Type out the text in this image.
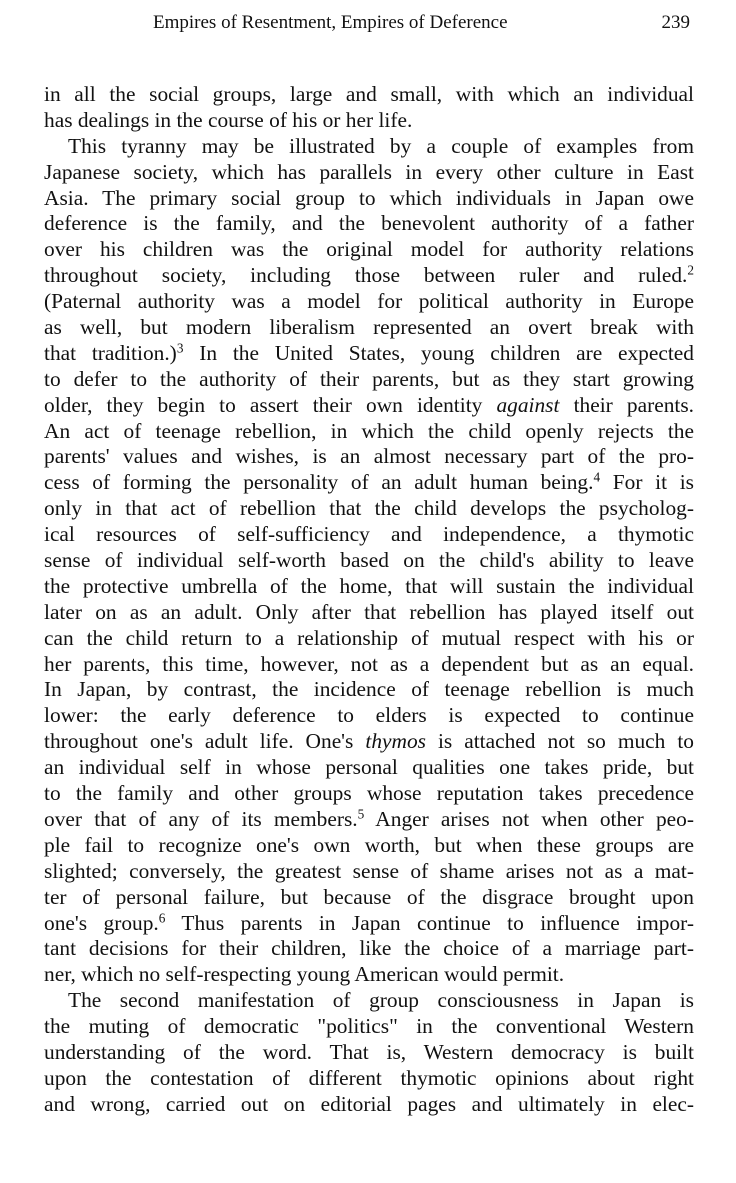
Empires of Resentment, Empires of Deference	239
in all the social groups, large and small, with which an individual
has dealings in the course of his or her life.
This tyranny may be illustrated by a couple of examples from
Japanese society, which has parallels in every other culture in East
Asia. The primary social group to which individuals in Japan owe
deference is the family, and the benevolent authority of a father
over his children was the original model for authority relations
throughout society, including those between ruler and ruled.$^2$
(Paternal authority was a model for political authority in Europe
as well, but modern liberalism represented an overt break with
that tradition.)$^3$ In the United States, young children are expected
to defer to the authority of their parents, but as they start growing
older, they begin to assert their own identity against their parents.
An act of teenage rebellion, in which the child openly rejects the
parents' values and wishes, is an almost necessary part of the pro-
cess of forming the personality of an adult human being.$^4$ For it is
only in that act of rebellion that the child develops the psycholog-
ical resources of self-sufficiency and independence, a thymotic
sense of individual self-worth based on the child's ability to leave
the protective umbrella of the home, that will sustain the individual
later on as an adult. Only after that rebellion has played itself out
can the child return to a relationship of mutual respect with his or
her parents, this time, however, not as a dependent but as an equal.
In Japan, by contrast, the incidence of teenage rebellion is much
lower: the early deference to elders is expected to continue
throughout one's adult life. One's thymos is attached not so much to
an individual self in whose personal qualities one takes pride, but
to the family and other groups whose reputation takes precedence
over that of any of its members.$^5$ Anger arises not when other peo-
ple fail to recognize one's own worth, but when these groups are
slighted; conversely, the greatest sense of shame arises not as a mat-
ter of personal failure, but because of the disgrace brought upon
one's group.$^6$ Thus parents in Japan continue to influence impor-
tant decisions for their children, like the choice of a marriage part-
ner, which no self-respecting young American would permit.
The second manifestation of group consciousness in Japan is
the muting of democratic "politics" in the conventional Western
understanding of the word. That is, Western democracy is built
upon the contestation of different thymotic opinions about right
and wrong, carried out on editorial pages and ultimately in elec-
